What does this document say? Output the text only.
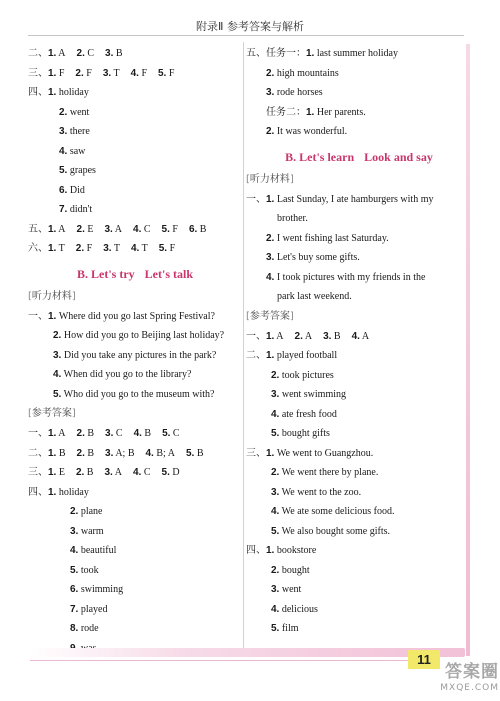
附录Ⅱ 参考答案与解析
二、1. A 2. C 3. B
三、1. F 2. F 3. T 4. F 5. F
四、1. holiday
2. went
3. there
4. saw
5. grapes
6. Did
7. didn't
五、1. A 2. E 3. A 4. C 5. F 6. B
六、1. T 2. F 3. T 4. T 5. F
B. Let's try Let's talk
[听力材料]
一、1. Where did you go last Spring Festival?
2. How did you go to Beijing last holiday?
3. Did you take any pictures in the park?
4. When did you go to the library?
5. Who did you go to the museum with?
[参考答案]
一、1. A 2. B 3. C 4. B 5. C
二、1. B 2. B 3. A; B 4. B; A 5. B
三、1. E 2. B 3. A 4. C 5. D
四、1. holiday
2. plane
3. warm
4. beautiful
5. took
6. swimming
7. played
8. rode
五、任务一：1. last summer holiday
2. high mountains
3. rode horses
任务二：1. Her parents.
2. It was wonderful.
B. Let's learn Look and say
[听力材料]
一、1. Last Sunday, I ate hamburgers with my
brother.
2. I went fishing last Saturday.
3. Let's buy some gifts.
4. I took pictures with my friends in the
park last weekend.
[参考答案]
一、1. A 2. A 3. B 4. A
二、1. played football
2. took pictures
3. went swimming
4. ate fresh food
5. bought gifts
三、1. We went to Guangzhou.
2. We went there by plane.
3. We went to the zoo.
4. We ate some delicious food.
5. We also bought some gifts.
四、1. bookstore
2. bought
3. went
4. delicious
5. film
11
答案圈
MXQE.COM
